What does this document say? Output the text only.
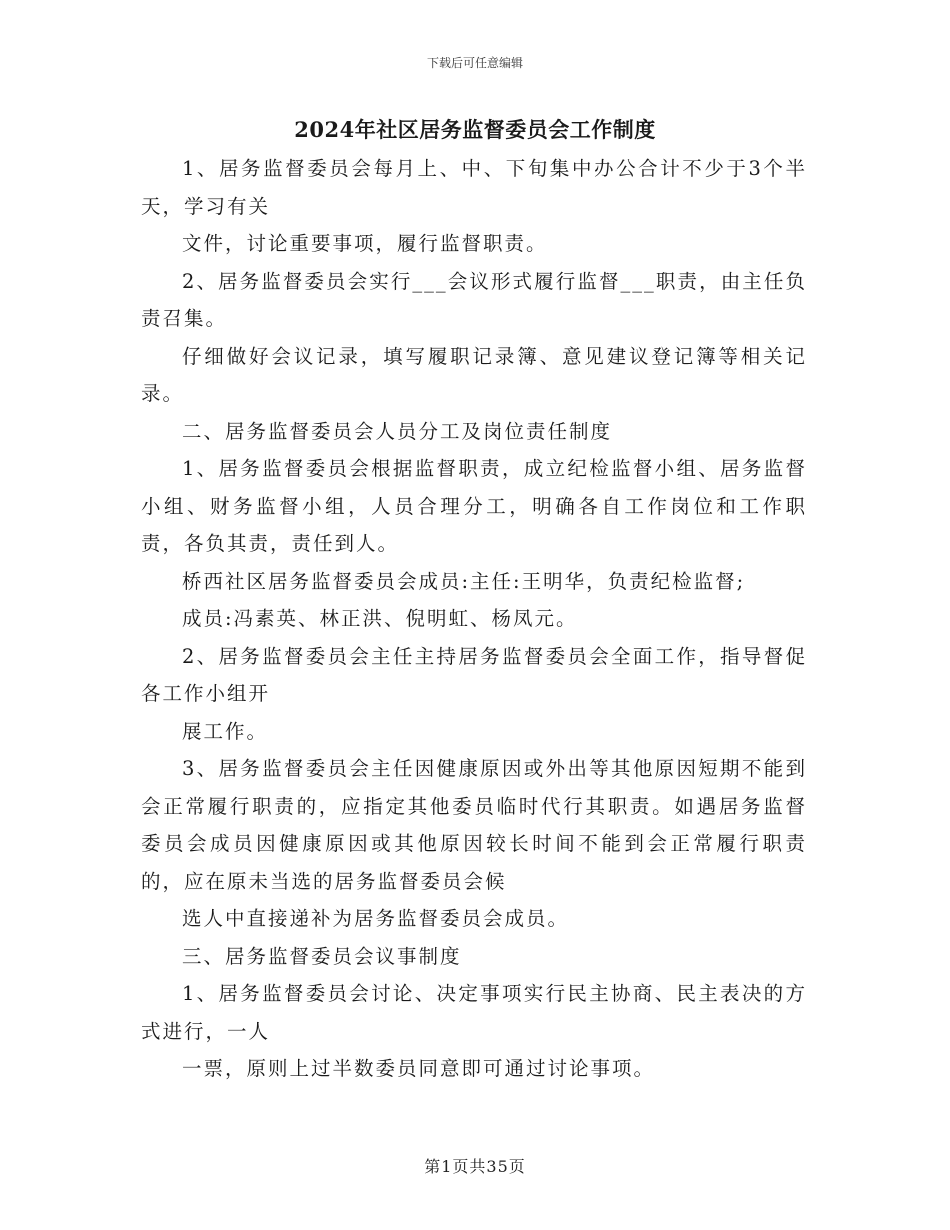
下载后可任意编辑
2024年社区居务监督委员会工作制度

1、居务监督委员会每月上、中、下旬集中办公合计不少于3个半天，学习有关

文件，讨论重要事项，履行监督职责。

2、居务监督委员会实行___会议形式履行监督___职责，由主任负责召集。

仔细做好会议记录，填写履职记录簿、意见建议登记簿等相关记录。

二、居务监督委员会人员分工及岗位责任制度

1、居务监督委员会根据监督职责，成立纪检监督小组、居务监督小组、财务监督小组，人员合理分工，明确各自工作岗位和工作职责，各负其责，责任到人。

桥西社区居务监督委员会成员:主任:王明华，负责纪检监督;

成员:冯素英、林正洪、倪明虹、杨凤元。

2、居务监督委员会主任主持居务监督委员会全面工作，指导督促各工作小组开

展工作。

3、居务监督委员会主任因健康原因或外出等其他原因短期不能到会正常履行职责的，应指定其他委员临时代行其职责。如遇居务监督委员会成员因健康原因或其他原因较长时间不能到会正常履行职责的，应在原未当选的居务监督委员会候

选人中直接递补为居务监督委员会成员。

三、居务监督委员会议事制度

1、居务监督委员会讨论、决定事项实行民主协商、民主表决的方式进行，一人

一票，原则上过半数委员同意即可通过讨论事项。

第1页共35页
